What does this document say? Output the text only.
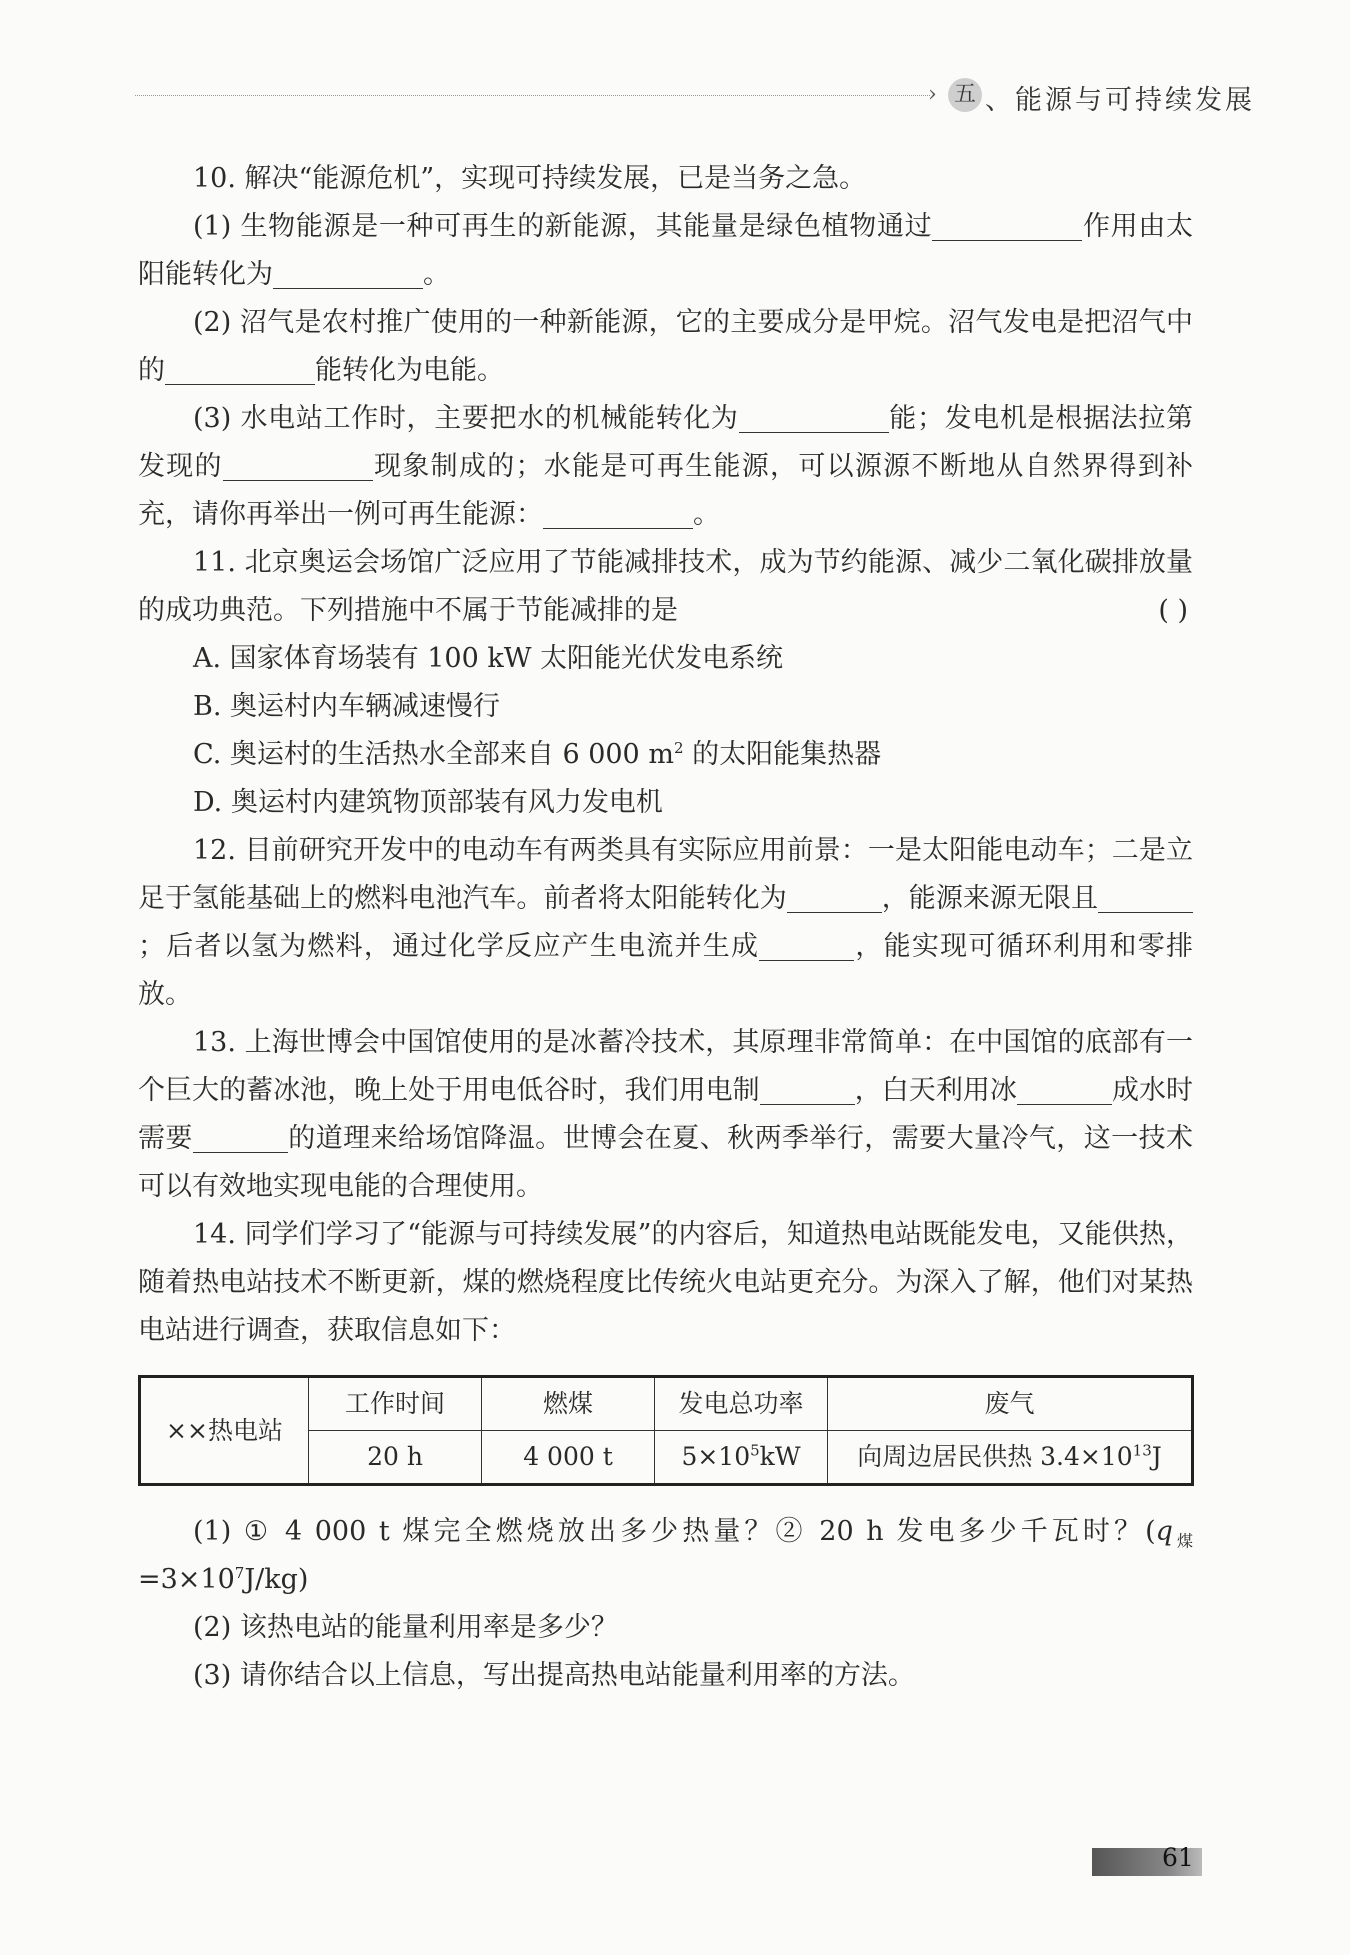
› 五 、能源与可持续发展

10. 解决“能源危机”，实现可持续发展，已是当务之急。

(1) 生物能源是一种可再生的新能源，其能量是绿色植物通过	作用由太阳能转化为	。

(2) 沼气是农村推广使用的一种新能源，它的主要成分是甲烷。沼气发电是把沼气中的	能转化为电能。

(3) 水电站工作时，主要把水的机械能转化为	能；发电机是根据法拉第发现的	现象制成的；水能是可再生能源，可以源源不断地从自然界得到补充，请你再举出一例可再生能源：	。

11. 北京奥运会场馆广泛应用了节能减排技术，成为节约能源、减少二氧化碳排放量的成功典范。下列措施中不属于节能减排的是	( )

A. 国家体育场装有 100 kW 太阳能光伏发电系统

B. 奥运村内车辆减速慢行

C. 奥运村的生活热水全部来自 6 000 $m^2$ 的太阳能集热器

D. 奥运村内建筑物顶部装有风力发电机

12. 目前研究开发中的电动车有两类具有实际应用前景：一是太阳能电动车；二是立足于氢能基础上的燃料电池汽车。前者将太阳能转化为	，能源来源无限且；后者以氢为燃料，通过化学反应产生电流并生成	，能实现可循环利用和零排放。

13. 上海世博会中国馆使用的是冰蓄冷技术，其原理非常简单：在中国馆的底部有一个巨大的蓄冰池，晚上处于用电低谷时，我们用电制	，白天利用冰	成水时需要	的道理来给场馆降温。世博会在夏、秋两季举行，需要大量冷气，这一技术可以有效地实现电能的合理使用。

14. 同学们学习了“能源与可持续发展”的内容后，知道热电站既能发电，又能供热，随着热电站技术不断更新，煤的燃烧程度比传统火电站更充分。为深入了解，他们对某热电站进行调查，获取信息如下：

××热电站	工作时间	燃煤	发电总功率	废气
	20 h	4 000 t	$5\times 10^5kW$	向周边居民供热 $3.4\times 10^{13}J$

(1) ① 4 000 t 煤完全燃烧放出多少热量？② 20 h 发电多少千瓦时？$(q_煤=3\times 10^7J/kg)$

(2) 该热电站的能量利用率是多少？

(3) 请你结合以上信息，写出提高热电站能量利用率的方法。

61
